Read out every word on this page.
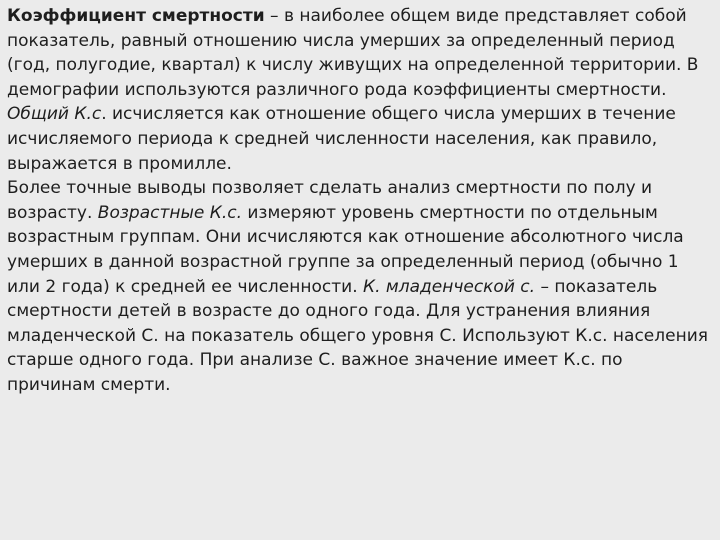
Коэффициент смертности – в наиболее общем виде представляет собой показатель, равный отношению числа умерших за определенный период (год, полугодие, квартал) к числу живущих на определенной территории. В демографии используются различного рода коэффициенты смертности. Общий К.с. исчисляется как отношение общего числа умерших в течение исчисляемого периода к средней численности населения, как правило, выражается в промилле.

Более точные выводы позволяет сделать анализ смертности по полу и возрасту. Возрастные К.с. измеряют уровень смертности по отдельным возрастным группам. Они исчисляются как отношение абсолютного числа умерших в данной возрастной группе за определенный период (обычно 1 или 2 года) к средней ее численности. К. младенческой с. – показатель смертности детей в возрасте до одного года. Для устранения влияния младенческой С. на показатель общего уровня С. Используют К.с. населения старше одного года. При анализе С. важное значение имеет К.с. по причинам смерти.
